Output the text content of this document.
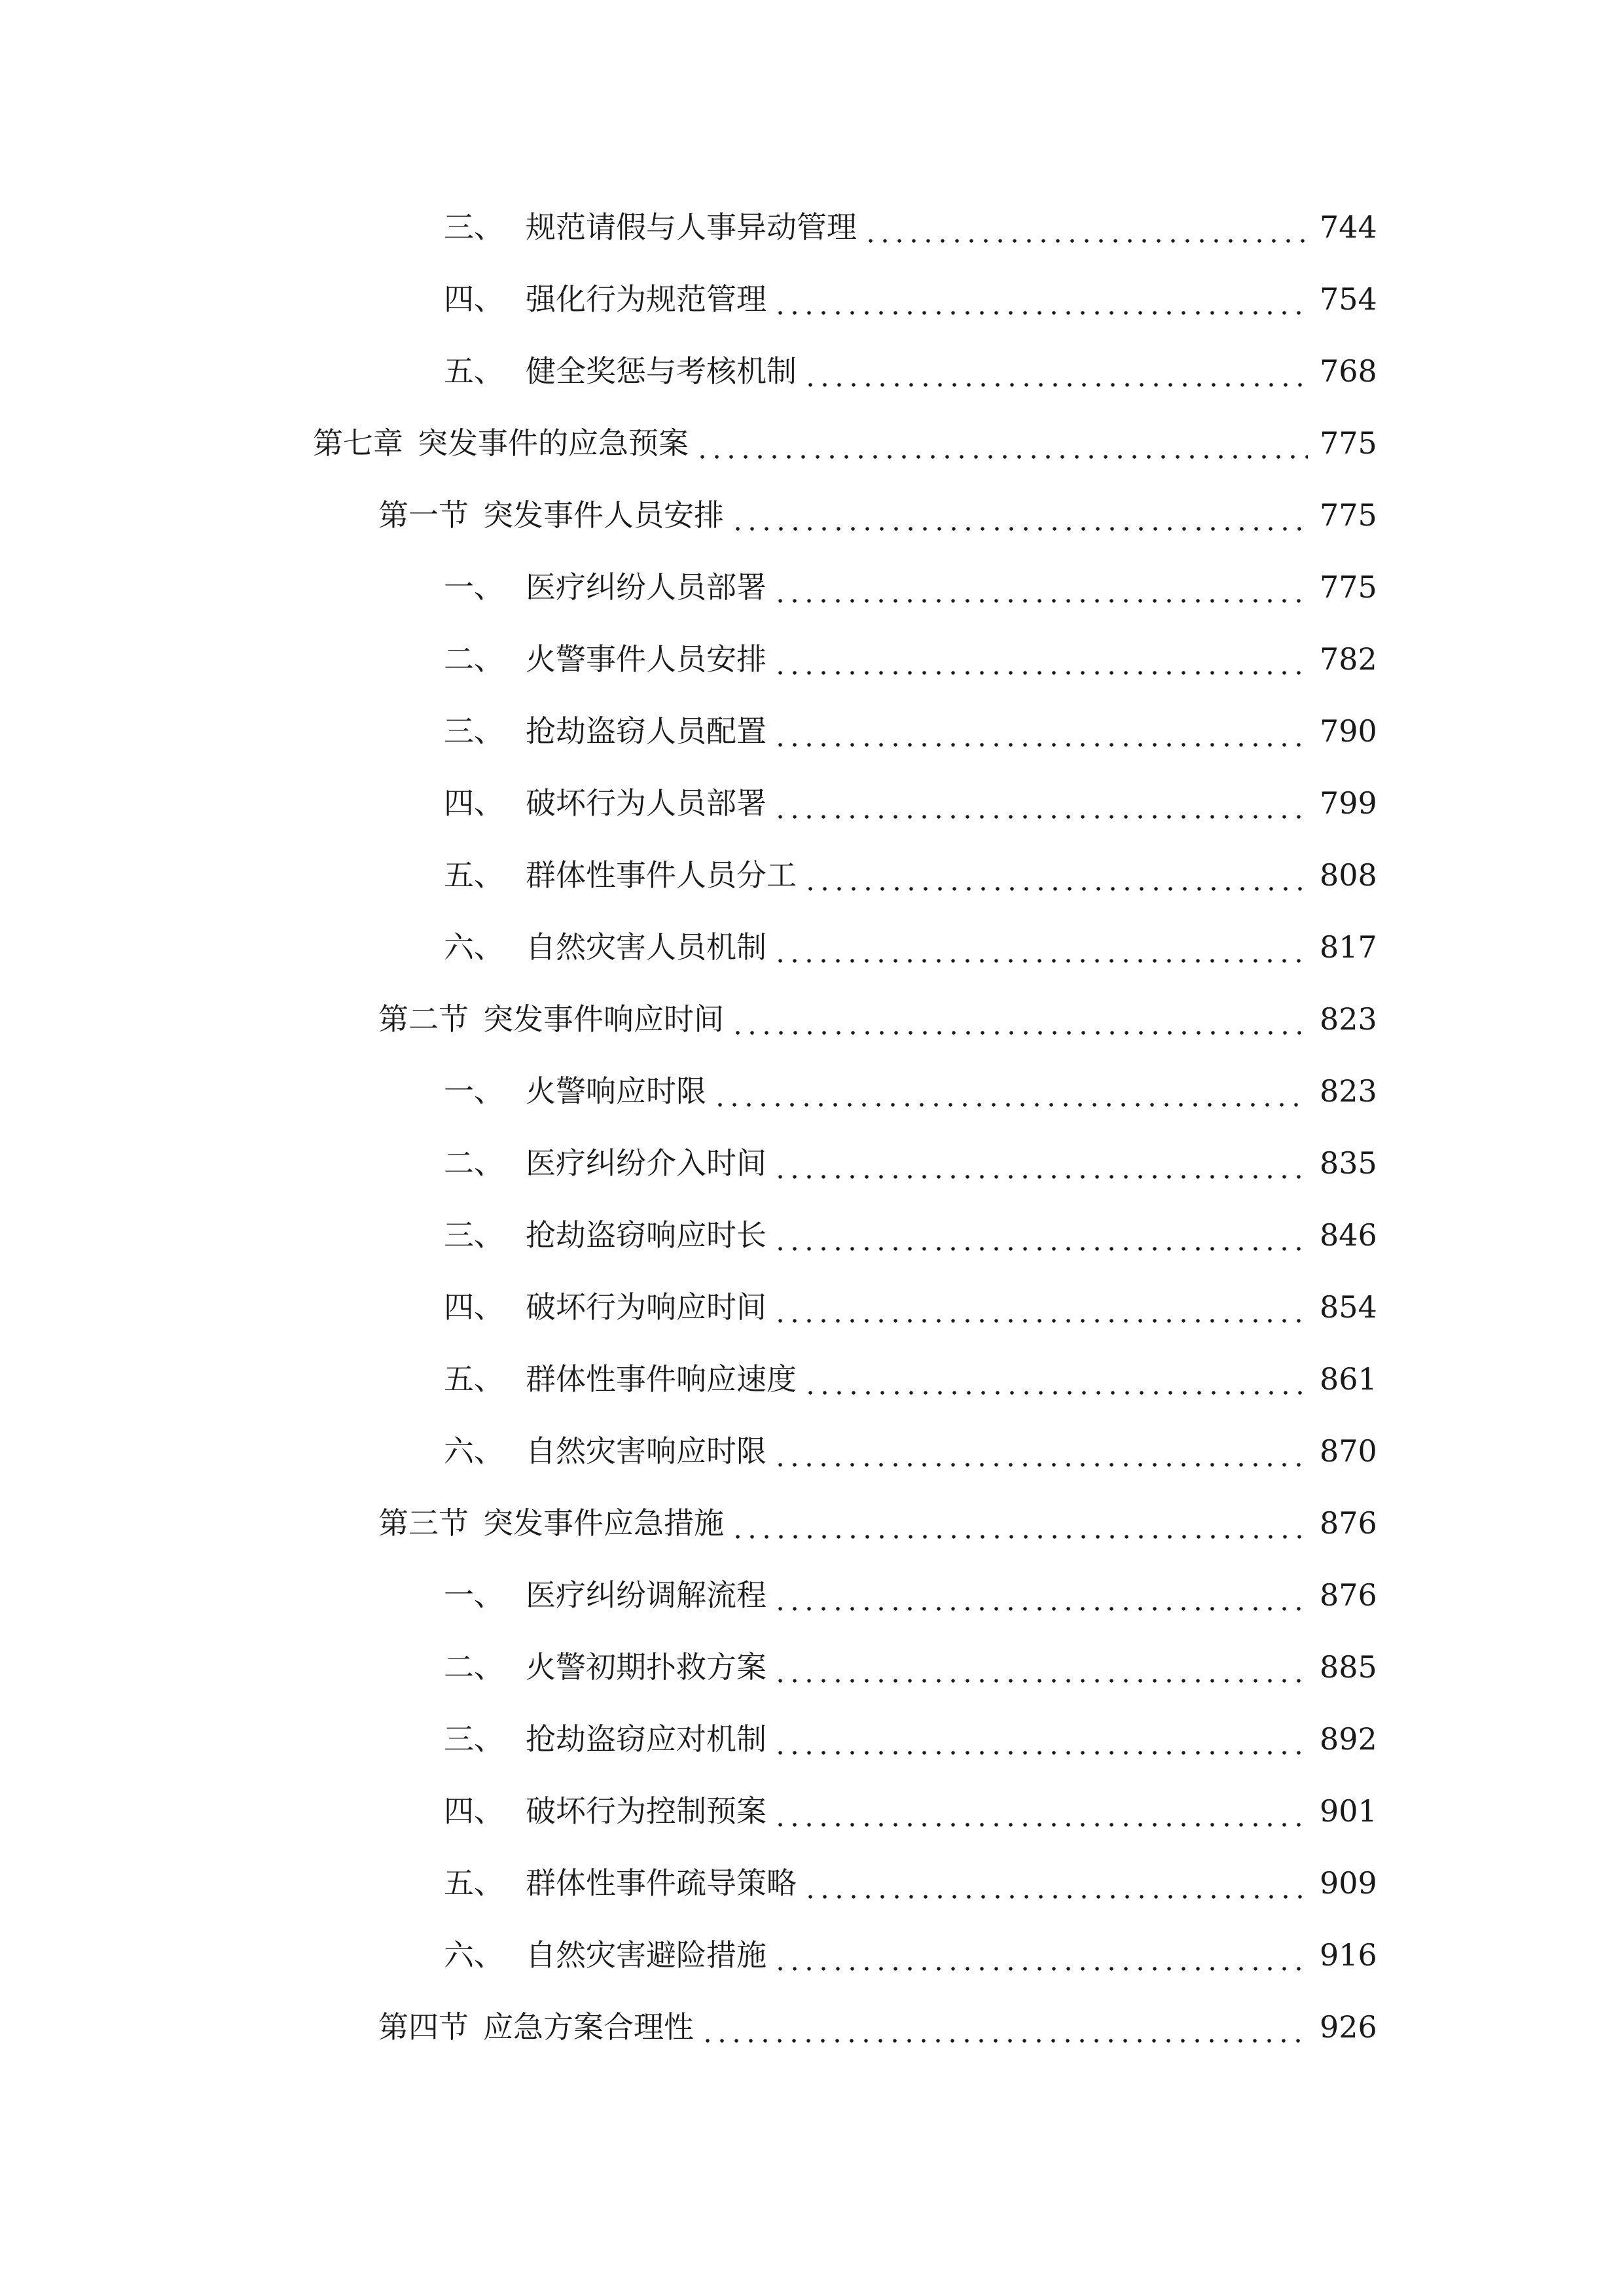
三、 规范请假与人事异动管理	744
四、 强化行为规范管理	754
五、 健全奖惩与考核机制	768
第七章 突发事件的应急预案	775
第一节 突发事件人员安排	775
一、 医疗纠纷人员部署	775
二、 火警事件人员安排	782
三、 抢劫盗窃人员配置	790
四、 破坏行为人员部署	799
五、 群体性事件人员分工	808
六、 自然灾害人员机制	817
第二节 突发事件响应时间	823
一、 火警响应时限	823
二、 医疗纠纷介入时间	835
三、 抢劫盗窃响应时长	846
四、 破坏行为响应时间	854
五、 群体性事件响应速度	861
六、 自然灾害响应时限	870
第三节 突发事件应急措施	876
一、 医疗纠纷调解流程	876
二、 火警初期扑救方案	885
三、 抢劫盗窃应对机制	892
四、 破坏行为控制预案	901
五、 群体性事件疏导策略	909
六、 自然灾害避险措施	916
第四节 应急方案合理性	926
